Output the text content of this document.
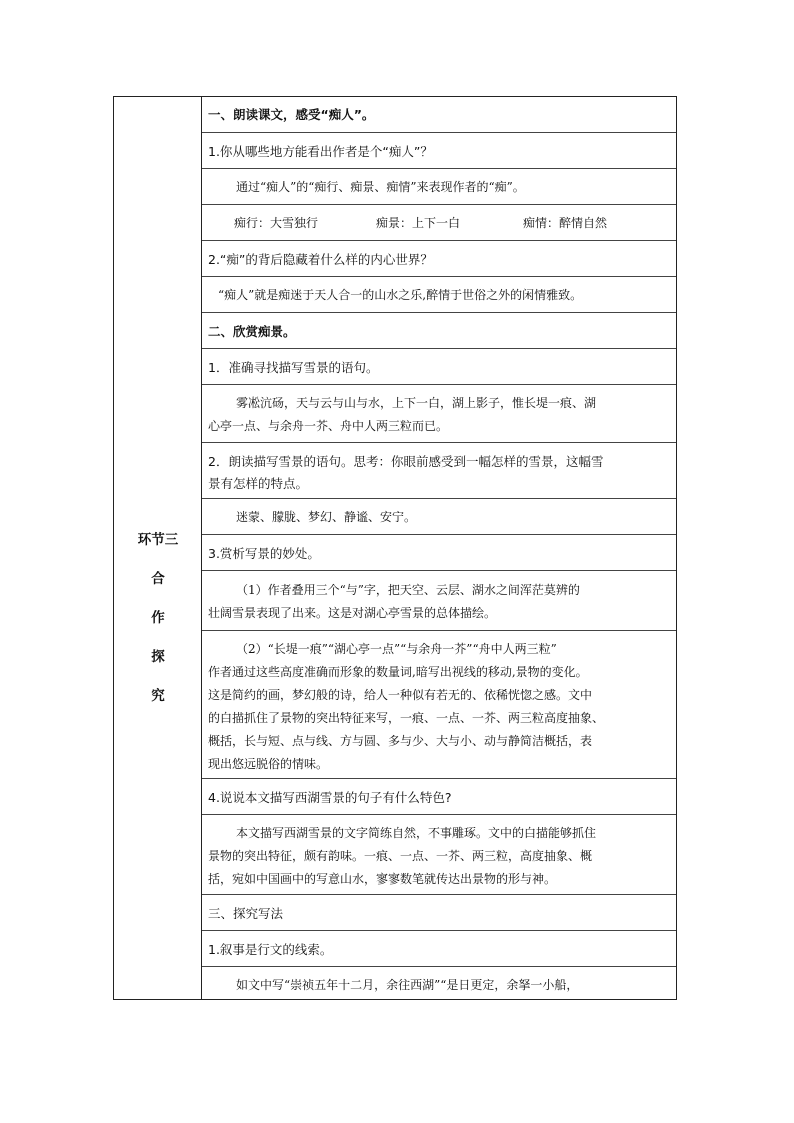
环节三
合
作
探
究
一、朗读课文，感受“痴人”。
1.你从哪些地方能看出作者是个“痴人”？
通过“痴人”的“痴行、痴景、痴情”来表现作者的“痴”。
痴行：大雪独行	痴景：上下一白	痴情：醉情自然
2.“痴”的背后隐藏着什么样的内心世界？
“痴人”就是痴迷于天人合一的山水之乐,醉情于世俗之外的闲情雅致。
二、欣赏痴景。
1．准确寻找描写雪景的语句。
雾凇沆砀，天与云与山与水，上下一白，湖上影子，惟长堤一痕、湖
心亭一点、与余舟一芥、舟中人两三粒而已。
2．朗读描写雪景的语句。思考：你眼前感受到一幅怎样的雪景，这幅雪
景有怎样的特点。
迷蒙、朦胧、梦幻、静谧、安宁。
3.赏析写景的妙处。
（1）作者叠用三个“与”字，把天空、云层、湖水之间浑茫莫辨的
壮阔雪景表现了出来。这是对湖心亭雪景的总体描绘。
（2）“长堤一痕”“湖心亭一点”“与余舟一芥”“舟中人两三粒”
作者通过这些高度准确而形象的数量词,暗写出视线的移动,景物的变化。
这是简约的画，梦幻般的诗，给人一种似有若无的、依稀恍惚之感。文中
的白描抓住了景物的突出特征来写，一痕、一点、一芥、两三粒高度抽象、
概括，长与短、点与线、方与圆、多与少、大与小、动与静简洁概括，表
现出悠远脱俗的情味。
4.说说本文描写西湖雪景的句子有什么特色?
本文描写西湖雪景的文字简练自然，不事雕琢。文中的白描能够抓住
景物的突出特征，颇有韵味。一痕、一点、一芥、两三粒，高度抽象、概
括，宛如中国画中的写意山水，寥寥数笔就传达出景物的形与神。
三、探究写法
1.叙事是行文的线索。
如文中写“崇祯五年十二月，余往西湖”“是日更定，余拏一小船，
